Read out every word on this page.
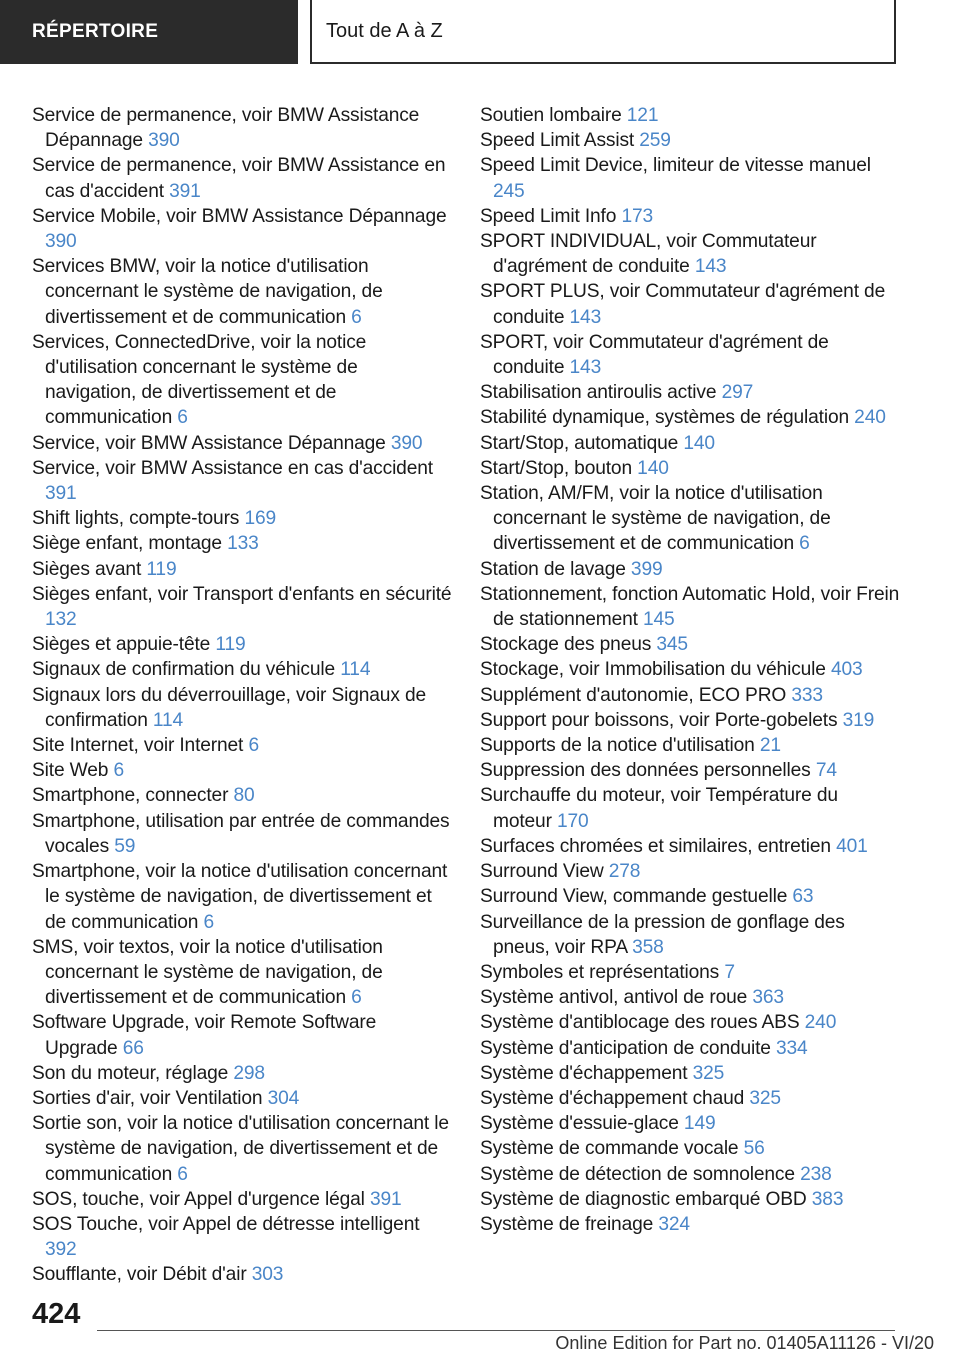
RÉPERTOIRE	Tout de A à Z

Service de permanence, voir BMW Assistance Dépannage 390

Service de permanence, voir BMW Assistance en cas d'accident 391

Service Mobile, voir BMW Assistance Dépannage 390

Services BMW, voir la notice d'utilisation concernant le système de navigation, de divertissement et de communication 6

Services, ConnectedDrive, voir la notice d'utilisation concernant le système de navigation, de divertissement et de communication 6

Service, voir BMW Assistance Dépannage 390

Service, voir BMW Assistance en cas d'accident 391

Shift lights, compte-tours 169

Siège enfant, montage 133

Sièges avant 119

Sièges enfant, voir Transport d'enfants en sécurité 132

Sièges et appuie-tête 119

Signaux de confirmation du véhicule 114

Signaux lors du déverrouillage, voir Signaux de confirmation 114

Site Internet, voir Internet 6

Site Web 6

Smartphone, connecter 80

Smartphone, utilisation par entrée de commandes vocales 59

Smartphone, voir la notice d'utilisation concernant le système de navigation, de divertissement et de communication 6

SMS, voir textos, voir la notice d'utilisation concernant le système de navigation, de divertissement et de communication 6

Software Upgrade, voir Remote Software Upgrade 66

Son du moteur, réglage 298

Sorties d'air, voir Ventilation 304

Sortie son, voir la notice d'utilisation concernant le système de navigation, de divertissement et de communication 6

SOS, touche, voir Appel d'urgence légal 391

SOS Touche, voir Appel de détresse intelligent 392

Soufflante, voir Débit d'air 303

Soutien lombaire 121

Speed Limit Assist 259

Speed Limit Device, limiteur de vitesse manuel 245

Speed Limit Info 173

SPORT INDIVIDUAL, voir Commutateur d'agrément de conduite 143

SPORT PLUS, voir Commutateur d'agrément de conduite 143

SPORT, voir Commutateur d'agrément de conduite 143

Stabilisation antiroulis active 297

Stabilité dynamique, systèmes de régulation 240

Start/Stop, automatique 140

Start/Stop, bouton 140

Station, AM/FM, voir la notice d'utilisation concernant le système de navigation, de divertissement et de communication 6

Station de lavage 399

Stationnement, fonction Automatic Hold, voir Frein de stationnement 145

Stockage des pneus 345

Stockage, voir Immobilisation du véhicule 403

Supplément d'autonomie, ECO PRO 333

Support pour boissons, voir Porte-gobelets 319

Supports de la notice d'utilisation 21

Suppression des données personnelles 74

Surchauffe du moteur, voir Température du moteur 170

Surfaces chromées et similaires, entretien 401

Surround View 278

Surround View, commande gestuelle 63

Surveillance de la pression de gonflage des pneus, voir RPA 358

Symboles et représentations 7

Système antivol, antivol de roue 363

Système d'antiblocage des roues ABS 240

Système d'anticipation de conduite 334

Système d'échappement 325

Système d'échappement chaud 325

Système d'essuie-glace 149

Système de commande vocale 56

Système de détection de somnolence 238

Système de diagnostic embarqué OBD 383

Système de freinage 324

424
Online Edition for Part no. 01405A11126 - VI/20
